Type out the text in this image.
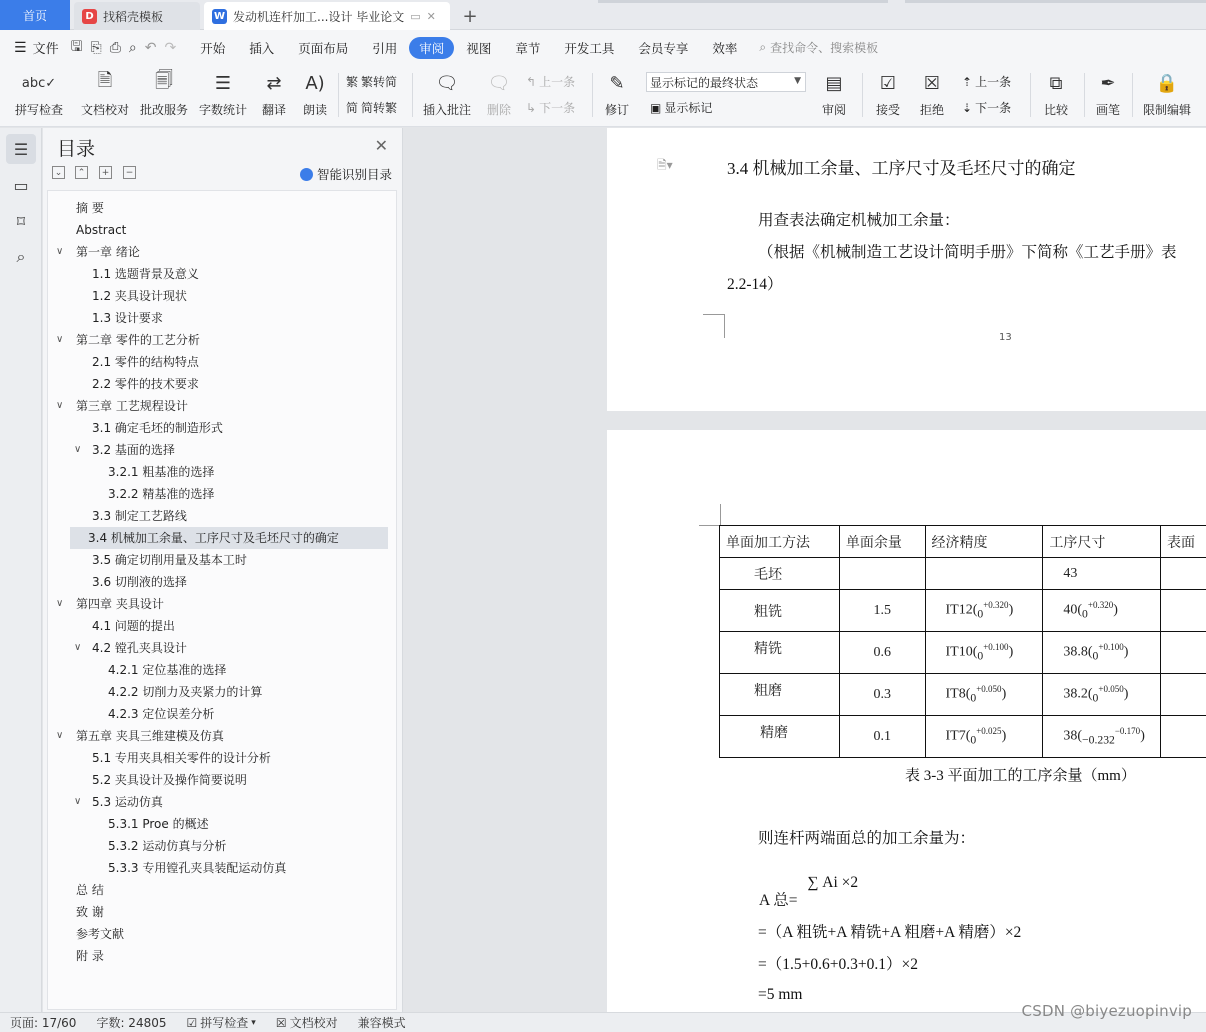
首页	D 找稻壳模板	W 发动机连杆加工...设计 毕业论文 ▭ ✕ +
☰ 文件 🖫 ⎘ ⎙ ⌕ ↶ ↷	开始	插入	页面布局	引用	审阅	视图	章节	开发工具	会员专享	效率	⌕ 查找命令、搜索模板
abc✓
拼写检查
🗎
文档校对
🗐
批改服务
☰
字数统计
⇄
翻译
A)
朗读
繁 繁转简
简 简转繁
🗨
插入批注
🗨
删除
↰ 上一条
↳ 下一条
✎
修订
显示标记的最终状态	▼
▣ 显示标记
▤
审阅
☑
接受
☒
拒绝
⇡ 上一条
⇣ 下一条
⧉
比较
✒
画笔
🔒
限制编辑
☰
▭
⌑
⌕
目录	✕
⌄	⌃	+	−	智能识别目录
摘 要
Abstract
∨	第一章 绪论
1.1 选题背景及意义
1.2 夹具设计现状
1.3 设计要求
∨	第二章 零件的工艺分析
2.1 零件的结构特点
2.2 零件的技术要求
∨	第三章 工艺规程设计
3.1 确定毛坯的制造形式
∨ 3.2 基面的选择
3.2.1 粗基准的选择
3.2.2 精基准的选择
3.3 制定工艺路线
3.4 机械加工余量、工序尺寸及毛坯尺寸的确定
3.5 确定切削用量及基本工时
3.6 切削液的选择
∨	第四章 夹具设计
4.1 问题的提出
∨ 4.2 镗孔夹具设计
4.2.1 定位基准的选择
4.2.2 切削力及夹紧力的计算
4.2.3 定位误差分析
∨	第五章 夹具三维建模及仿真
5.1 专用夹具相关零件的设计分析
5.2 夹具设计及操作简要说明
∨ 5.3 运动仿真
5.3.1 Proe 的概述
5.3.2 运动仿真与分析
5.3.3 专用镗孔夹具装配运动仿真
总 结
致 谢
参考文献
附 录
🗎▾	3.4 机械加工余量、工序尺寸及毛坯尺寸的确定
用查表法确定机械加工余量：
（根据《机械制造工艺设计简明手册》下简称《工艺手册》表
2.2-14）
13
单面加工方法	单面余量	经济精度	工序尺寸	表面
毛坯			43	
粗铣	1.5	$IT12(_0^{+0.320})$	$40(_0^{+0.320})$	
精铣	0.6	$IT10(_0^{+0.100})$	$38.8(_0^{+0.100})$	
粗磨	0.3	$IT8(_0^{+0.050})$	$38.2(_0^{+0.050})$	
精磨	0.1	$IT7(_0^{+0.025})$	$38(_{-0.232}^{-0.170})$	
表 3-3 平面加工的工序余量（mm）
则连杆两端面总的加工余量为：
A 总= ∑ Ai ×2
=（A 粗铣+A 精铣+A 粗磨+A 精磨）×2
=（1.5+0.6+0.3+0.1）×2
=5 mm
页面: 17/60	字数: 24805	☑ 拼写检查 ▾ ☒ 文档校对	兼容模式
CSDN @biyezuopinvip
